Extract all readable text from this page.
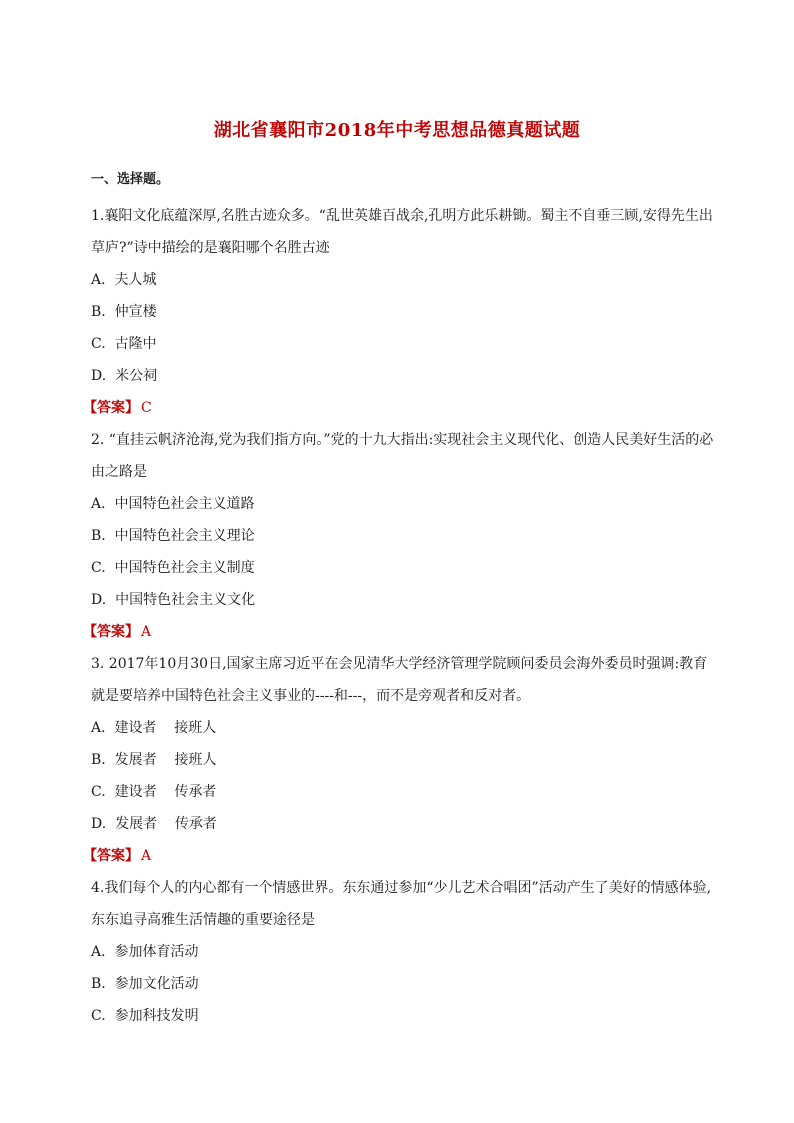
湖北省襄阳市2018年中考思想品德真题试题
一、选择题。
1.襄阳文化底蕴深厚,名胜古迹众多。“乱世英雄百战余,孔明方此乐耕锄。蜀主不自垂三顾,安得先生出草庐?”诗中描绘的是襄阳哪个名胜古迹
A.  夫人城
B.  仲宣楼
C.  古隆中
D.  米公祠
【答案】 C
2. “直挂云帆济沧海,党为我们指方向。”党的十九大指出:实现社会主义现代化、创造人民美好生活的必由之路是
A.  中国特色社会主义道路
B.  中国特色社会主义理论
C.  中国特色社会主义制度
D.  中国特色社会主义文化
【答案】 A
3. 2017年10月30日,国家主席习近平在会见清华大学经济管理学院顾问委员会海外委员时强调:教育就是要培养中国特色社会主义事业的----和---，而不是旁观者和反对者。
A.  建设者    接班人
B.  发展者    接班人
C.  建设者    传承者
D.  发展者    传承者
【答案】 A
4.我们每个人的内心都有一个情感世界。东东通过参加“少儿艺术合唱团”活动产生了美好的情感体验,东东追寻高雅生活情趣的重要途径是
A.  参加体育活动
B.  参加文化活动
C.  参加科技发明
